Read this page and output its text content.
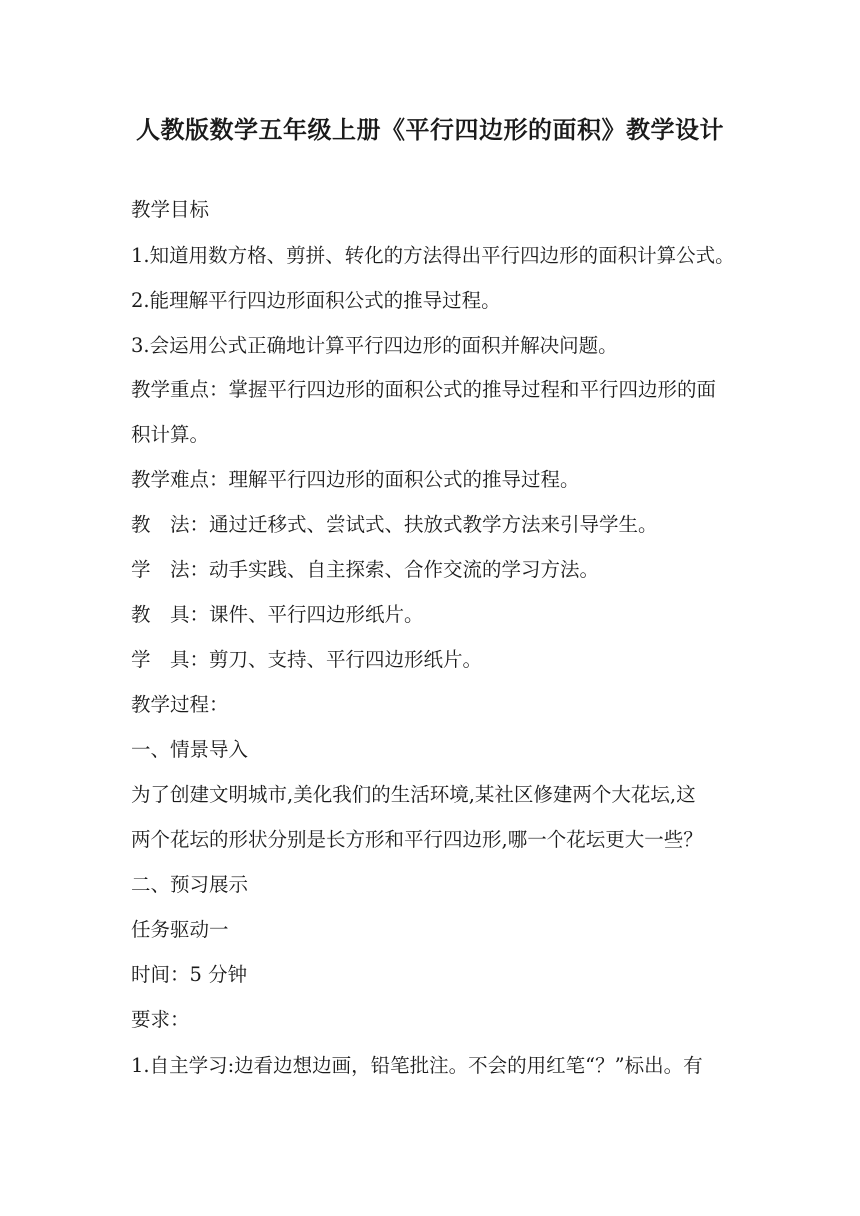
人教版数学五年级上册《平行四边形的面积》教学设计
教学目标
1.知道用数方格、剪拼、转化的方法得出平行四边形的面积计算公式。
2.能理解平行四边形面积公式的推导过程。
3.会运用公式正确地计算平行四边形的面积并解决问题。
教学重点：掌握平行四边形的面积公式的推导过程和平行四边形的面
积计算。
教学难点：理解平行四边形的面积公式的推导过程。
教　法：通过迁移式、尝试式、扶放式教学方法来引导学生。
学　法：动手实践、自主探索、合作交流的学习方法。
教　具：课件、平行四边形纸片。
学　具：剪刀、支持、平行四边形纸片。
教学过程：
一、情景导入
为了创建文明城市,美化我们的生活环境,某社区修建两个大花坛,这
两个花坛的形状分别是长方形和平行四边形,哪一个花坛更大一些？
二、预习展示
任务驱动一
时间：5 分钟
要求：
1.自主学习:边看边想边画，铅笔批注。不会的用红笔“？”标出。有
